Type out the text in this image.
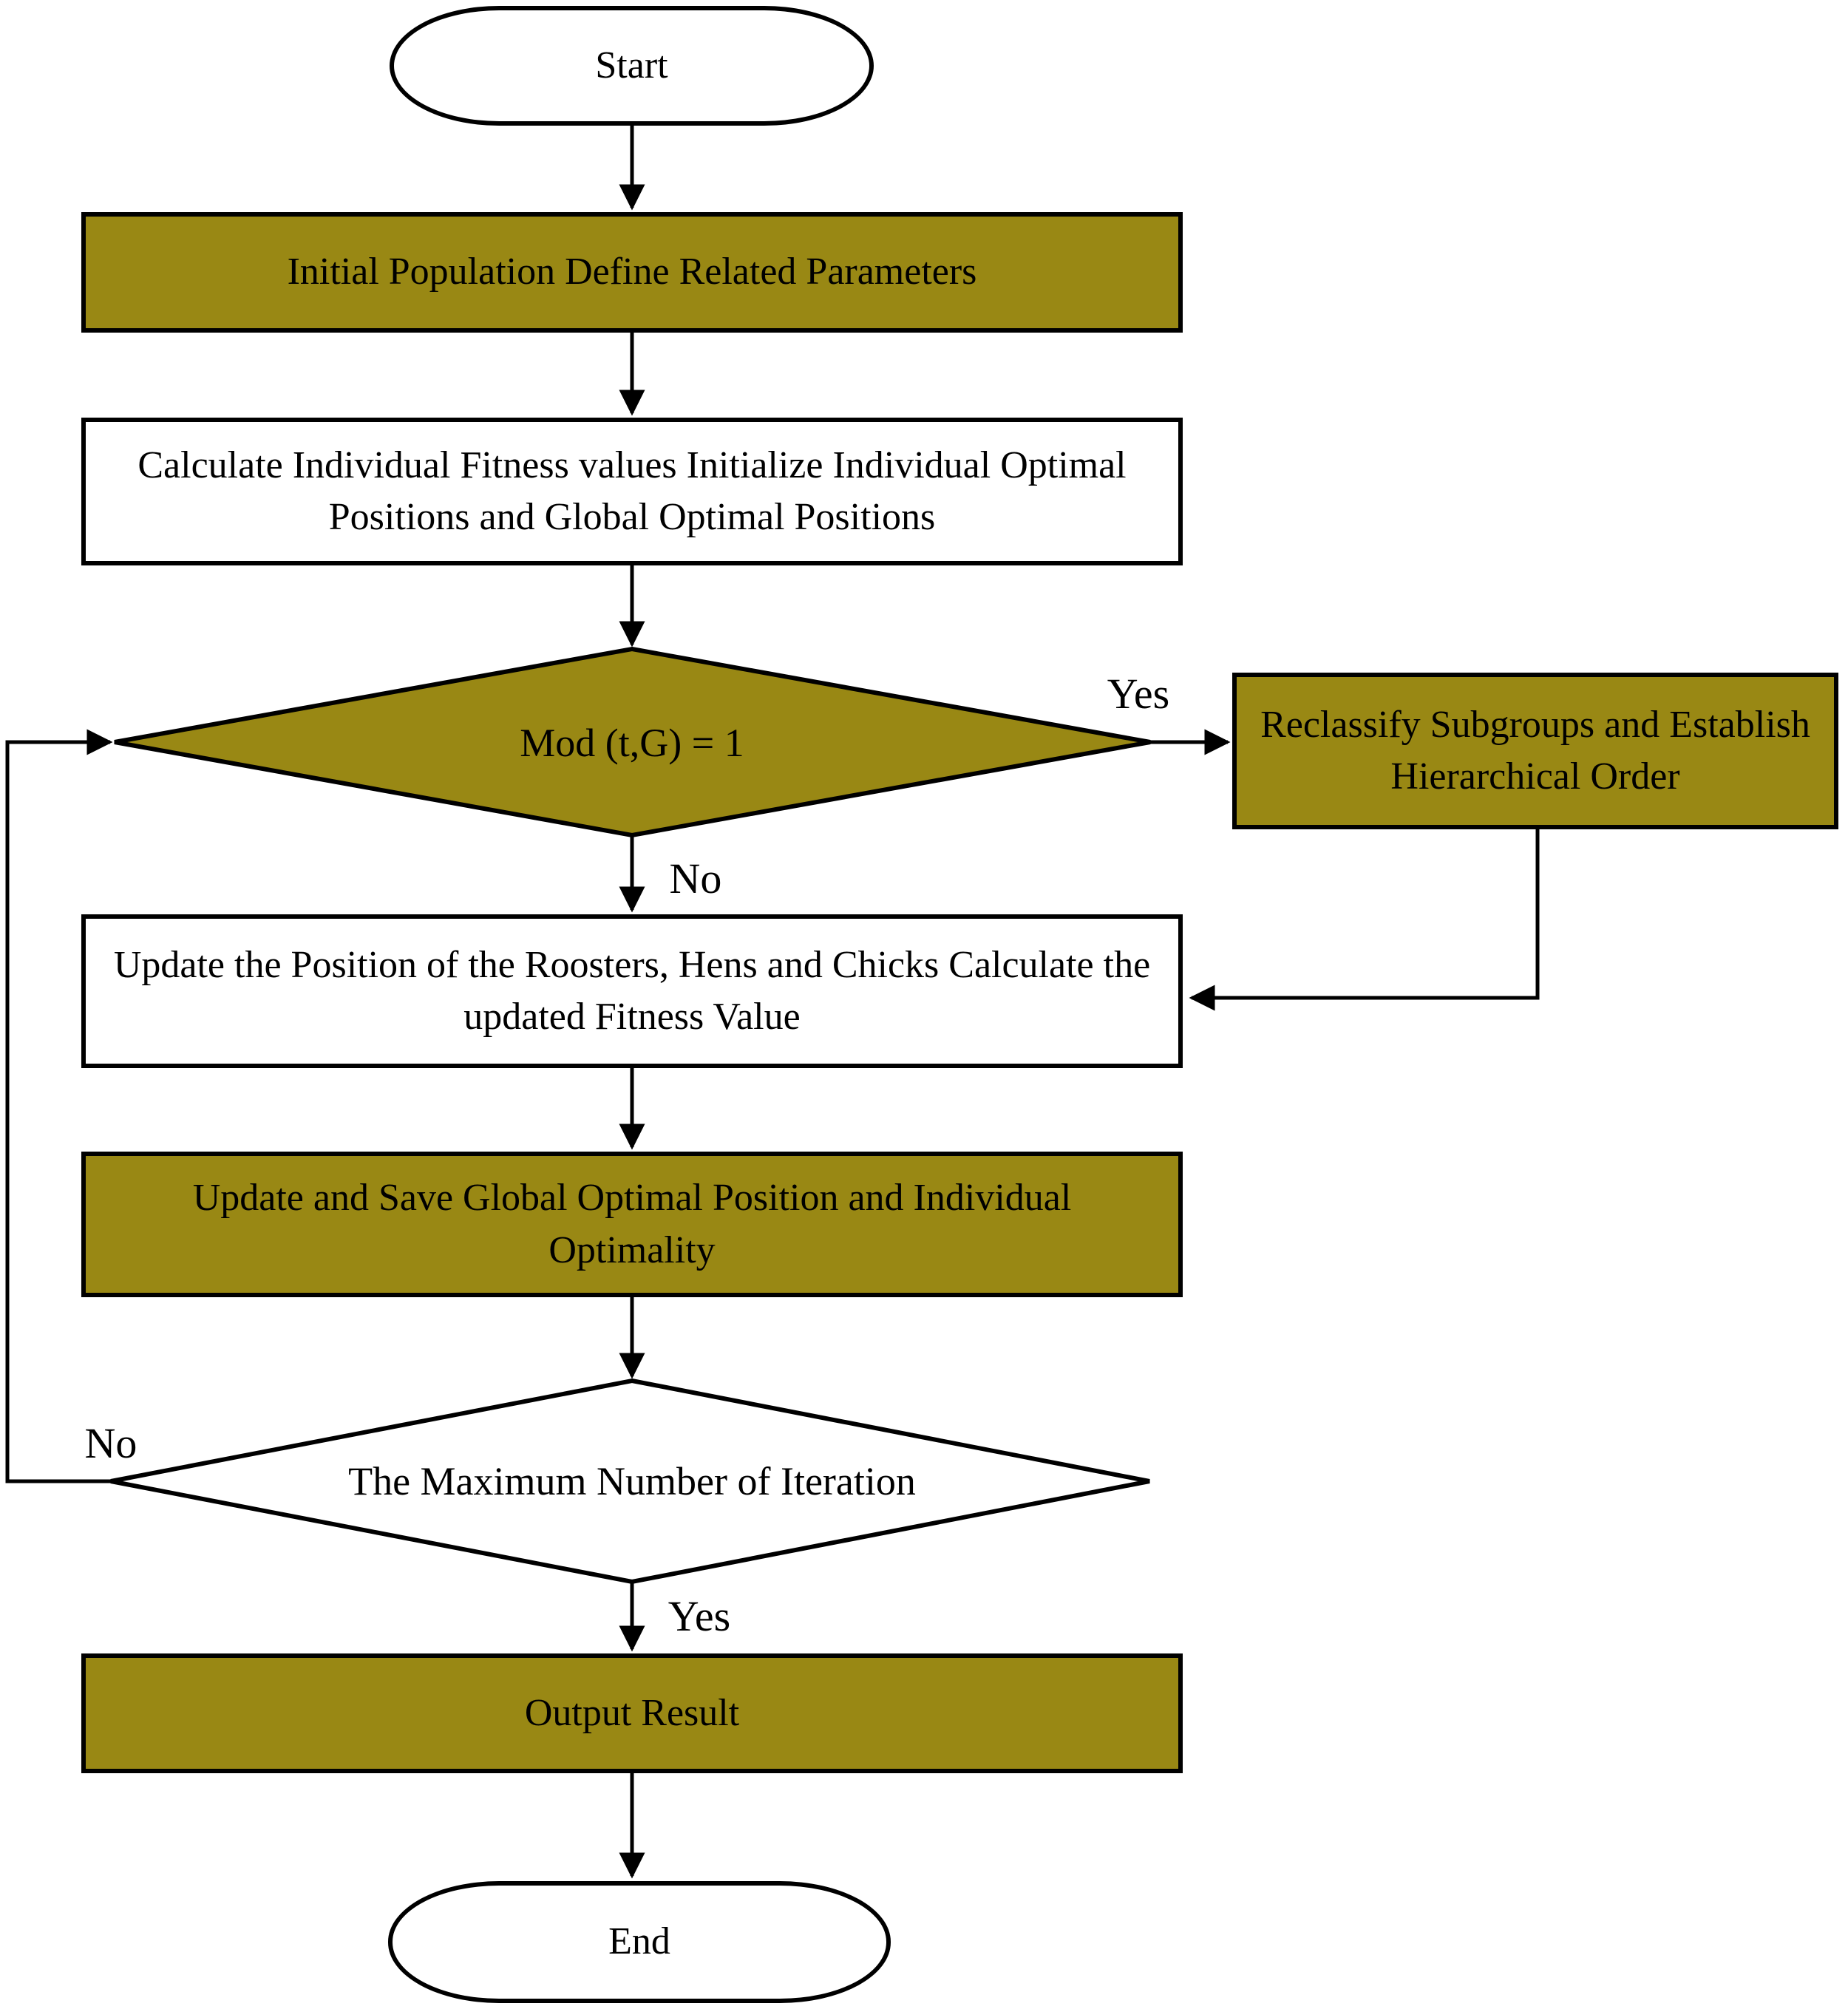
Start
Initial Population Define Related Parameters
Calculate Individual Fitness values Initialize Individual Optimal Positions and Global Optimal Positions
Reclassify Subgroups and Establish Hierarchical Order
Update the Position of the Roosters, Hens and Chicks Calculate the updated Fitness Value
Update and Save Global Optimal Position and Individual Optimality
Output Result
End
Mod (t,G) = 1
The Maximum Number of Iteration
Yes
No
No
Yes
